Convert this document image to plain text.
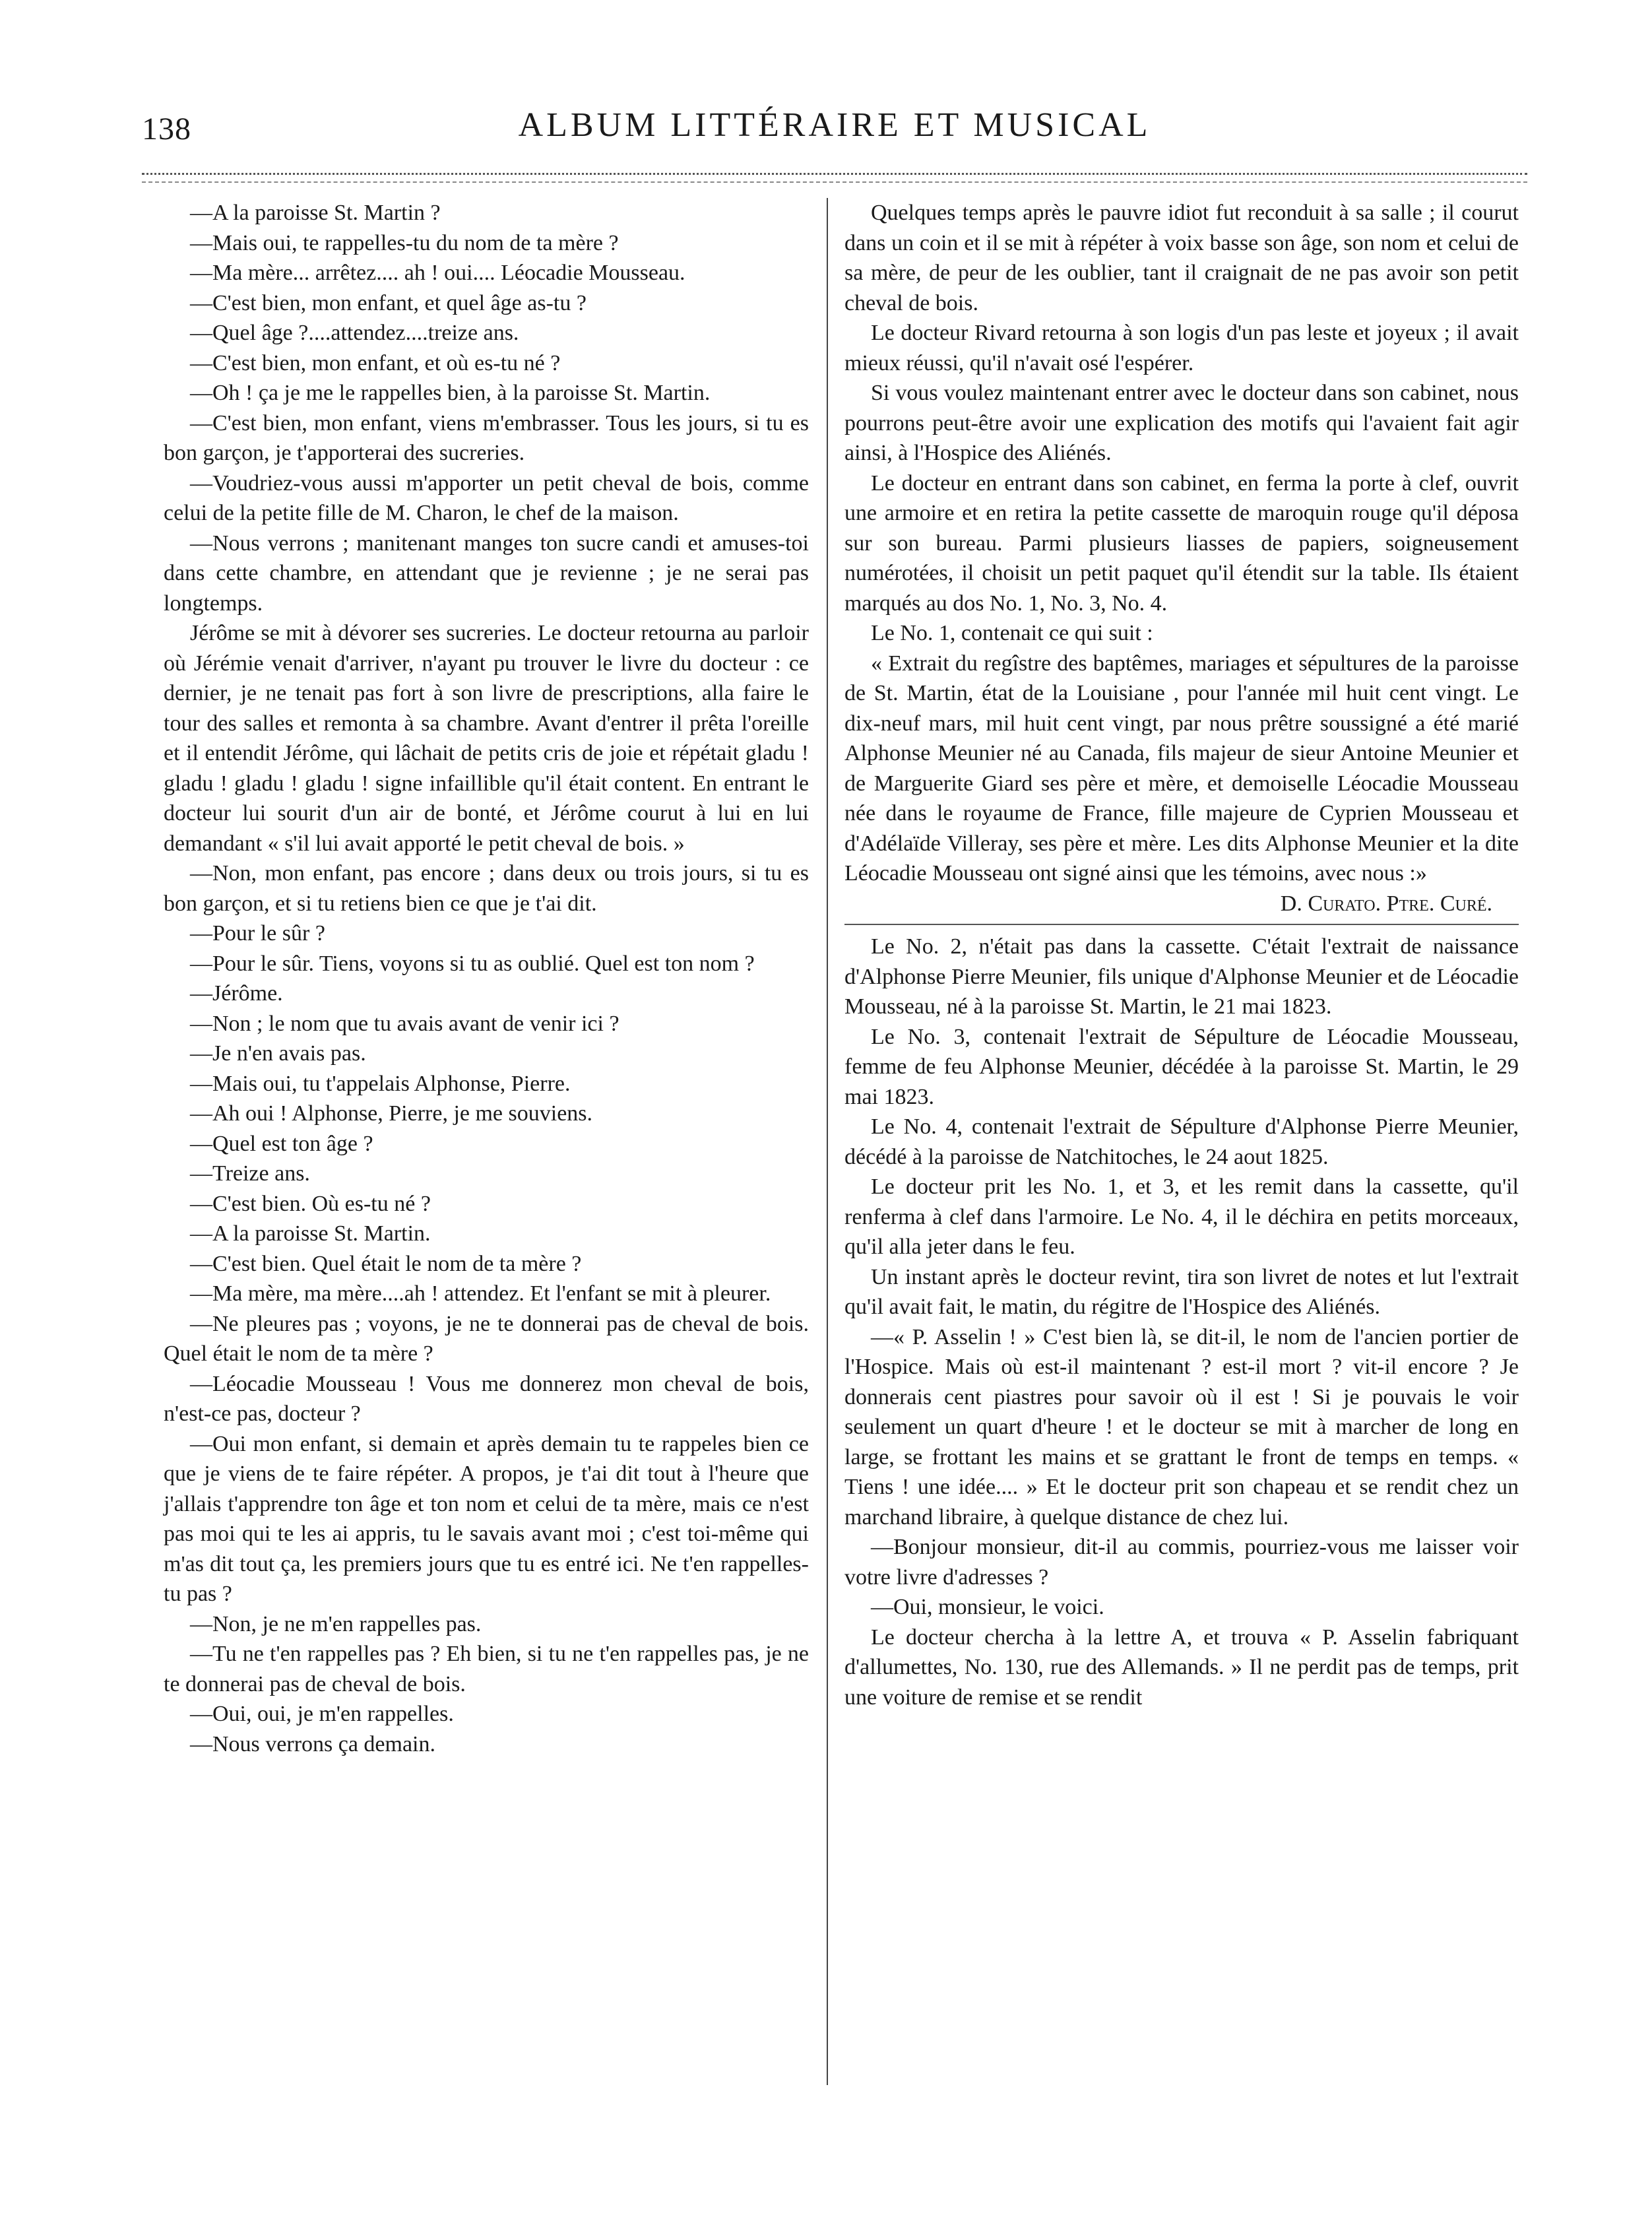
138	ALBUM LITTÉRAIRE ET MUSICAL

—A la paroisse St. Martin ?

—Mais oui, te rappelles-tu du nom de ta mère ?

—Ma mère... arrêtez.... ah ! oui.... Léocadie Mousseau.

—C'est bien, mon enfant, et quel âge as-tu ?

—Quel âge ?....attendez....treize ans.

—C'est bien, mon enfant, et où es-tu né ?

—Oh ! ça je me le rappelles bien, à la paroisse St. Martin.

—C'est bien, mon enfant, viens m'embrasser. Tous les jours, si tu es bon garçon, je t'apporterai des sucreries.

—Voudriez-vous aussi m'apporter un petit cheval de bois, comme celui de la petite fille de M. Charon, le chef de la maison.

—Nous verrons ; manitenant manges ton sucre candi et amuses-toi dans cette chambre, en attendant que je revienne ; je ne serai pas longtemps.

Jérôme se mit à dévorer ses sucreries. Le docteur retourna au parloir où Jérémie venait d'arriver, n'ayant pu trouver le livre du docteur : ce dernier, je ne tenait pas fort à son livre de prescriptions, alla faire le tour des salles et remonta à sa chambre. Avant d'entrer il prêta l'oreille et il entendit Jérôme, qui lâchait de petits cris de joie et répétait gladu ! gladu ! gladu ! gladu ! signe infaillible qu'il était content. En entrant le docteur lui sourit d'un air de bonté, et Jérôme courut à lui en lui demandant « s'il lui avait apporté le petit cheval de bois. »

—Non, mon enfant, pas encore ; dans deux ou trois jours, si tu es bon garçon, et si tu retiens bien ce que je t'ai dit.

—Pour le sûr ?

—Pour le sûr. Tiens, voyons si tu as oublié. Quel est ton nom ?

—Jérôme.

—Non ; le nom que tu avais avant de venir ici ?

—Je n'en avais pas.

—Mais oui, tu t'appelais Alphonse, Pierre.

—Ah oui ! Alphonse, Pierre, je me souviens.

—Quel est ton âge ?

—Treize ans.

—C'est bien. Où es-tu né ?

—A la paroisse St. Martin.

—C'est bien. Quel était le nom de ta mère ?

—Ma mère, ma mère....ah ! attendez. Et l'enfant se mit à pleurer.

—Ne pleures pas ; voyons, je ne te donnerai pas de cheval de bois. Quel était le nom de ta mère ?

—Léocadie Mousseau ! Vous me donnerez mon cheval de bois, n'est-ce pas, docteur ?

—Oui mon enfant, si demain et après demain tu te rappeles bien ce que je viens de te faire répéter. A propos, je t'ai dit tout à l'heure que j'allais t'apprendre ton âge et ton nom et celui de ta mère, mais ce n'est pas moi qui te les ai appris, tu le savais avant moi ; c'est toi-même qui m'as dit tout ça, les premiers jours que tu es entré ici. Ne t'en rappelles-tu pas ?

—Non, je ne m'en rappelles pas.

—Tu ne t'en rappelles pas ? Eh bien, si tu ne t'en rappelles pas, je ne te donnerai pas de cheval de bois.

—Oui, oui, je m'en rappelles.

—Nous verrons ça demain.

Quelques temps après le pauvre idiot fut reconduit à sa salle ; il courut dans un coin et il se mit à répéter à voix basse son âge, son nom et celui de sa mère, de peur de les oublier, tant il craignait de ne pas avoir son petit cheval de bois.

Le docteur Rivard retourna à son logis d'un pas leste et joyeux ; il avait mieux réussi, qu'il n'avait osé l'espérer.

Si vous voulez maintenant entrer avec le docteur dans son cabinet, nous pourrons peut-être avoir une explication des motifs qui l'avaient fait agir ainsi, à l'Hospice des Aliénés.

Le docteur en entrant dans son cabinet, en ferma la porte à clef, ouvrit une armoire et en retira la petite cassette de maroquin rouge qu'il déposa sur son bureau. Parmi plusieurs liasses de papiers, soigneusement numérotées, il choisit un petit paquet qu'il étendit sur la table. Ils étaient marqués au dos No. 1, No. 3, No. 4.

Le No. 1, contenait ce qui suit :

« Extrait du regîstre des baptêmes, mariages et sépultures de la paroisse de St. Martin, état de la Louisiane , pour l'année mil huit cent vingt. Le dix-neuf mars, mil huit cent vingt, par nous prêtre soussigné a été marié Alphonse Meunier né au Canada, fils majeur de sieur Antoine Meunier et de Marguerite Giard ses père et mère, et demoiselle Léocadie Mousseau née dans le royaume de France, fille majeure de Cyprien Mousseau et d'Adélaïde Villeray, ses père et mère. Les dits Alphonse Meunier et la dite Léocadie Mousseau ont signé ainsi que les témoins, avec nous :»

D. Curato. Ptre. Curé.

Le No. 2, n'était pas dans la cassette. C'était l'extrait de naissance d'Alphonse Pierre Meunier, fils unique d'Alphonse Meunier et de Léocadie Mousseau, né à la paroisse St. Martin, le 21 mai 1823.

Le No. 3, contenait l'extrait de Sépulture de Léocadie Mousseau, femme de feu Alphonse Meunier, décédée à la paroisse St. Martin, le 29 mai 1823.

Le No. 4, contenait l'extrait de Sépulture d'Alphonse Pierre Meunier, décédé à la paroisse de Natchitoches, le 24 aout 1825.

Le docteur prit les No. 1, et 3, et les remit dans la cassette, qu'il renferma à clef dans l'armoire. Le No. 4, il le déchira en petits morceaux, qu'il alla jeter dans le feu.

Un instant après le docteur revint, tira son livret de notes et lut l'extrait qu'il avait fait, le matin, du régitre de l'Hospice des Aliénés.

—« P. Asselin ! » C'est bien là, se dit-il, le nom de l'ancien portier de l'Hospice. Mais où est-il maintenant ? est-il mort ? vit-il encore ? Je donnerais cent piastres pour savoir où il est ! Si je pouvais le voir seulement un quart d'heure ! et le docteur se mit à marcher de long en large, se frottant les mains et se grattant le front de temps en temps. « Tiens ! une idée.... » Et le docteur prit son chapeau et se rendit chez un marchand libraire, à quelque distance de chez lui.

—Bonjour monsieur, dit-il au commis, pourriez-vous me laisser voir votre livre d'adresses ?

—Oui, monsieur, le voici.

Le docteur chercha à la lettre A, et trouva « P. Asselin fabriquant d'allumettes, No. 130, rue des Allemands. » Il ne perdit pas de temps, prit une voiture de remise et se rendit
